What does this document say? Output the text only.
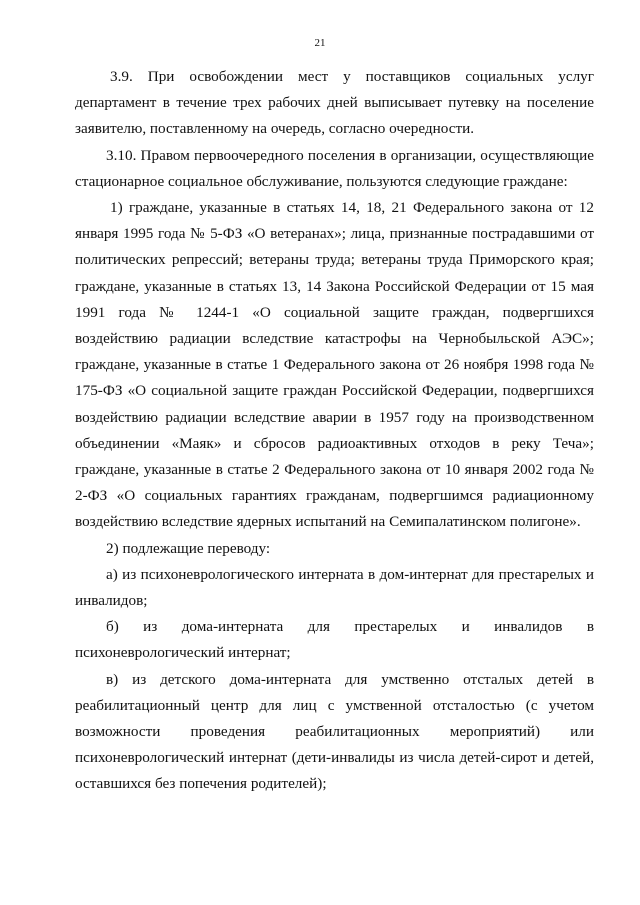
21

3.9. При освобождении мест у поставщиков социальных услуг департамент в течение трех рабочих дней выписывает путевку на поселение заявителю, поставленному на очередь, согласно очередности.

3.10. Правом первоочередного поселения в организации, осуществляющие стационарное социальное обслуживание, пользуются следующие граждане:

1) граждане, указанные в статьях 14, 18, 21 Федерального закона от 12 января 1995 года № 5-ФЗ «О ветеранах»; лица, признанные пострадавшими от политических репрессий; ветераны труда; ветераны труда Приморского края; граждане, указанные в статьях 13, 14 Закона Российской Федерации от 15 мая 1991 года № 1244-1 «О социальной защите граждан, подвергшихся воздействию радиации вследствие катастрофы на Чернобыльской АЭС»; граждане, указанные в статье 1 Федерального закона от 26 ноября 1998 года № 175-ФЗ «О социальной защите граждан Российской Федерации, подвергшихся воздействию радиации вследствие аварии в 1957 году на производственном объединении «Маяк» и сбросов радиоактивных отходов в реку Теча»; граждане, указанные в статье 2 Федерального закона от 10 января 2002 года № 2-ФЗ «О социальных гарантиях гражданам, подвергшимся радиационному воздействию вследствие ядерных испытаний на Семипалатинском полигоне».

2) подлежащие переводу:

а) из психоневрологического интерната в дом-интернат для престарелых и инвалидов;

б) из дома-интерната для престарелых и инвалидов в психоневрологический интернат;

в) из детского дома-интерната для умственно отсталых детей в реабилитационный центр для лиц с умственной отсталостью (с учетом возможности проведения реабилитационных мероприятий) или психоневрологический интернат (дети-инвалиды из числа детей-сирот и детей, оставшихся без попечения родителей);
